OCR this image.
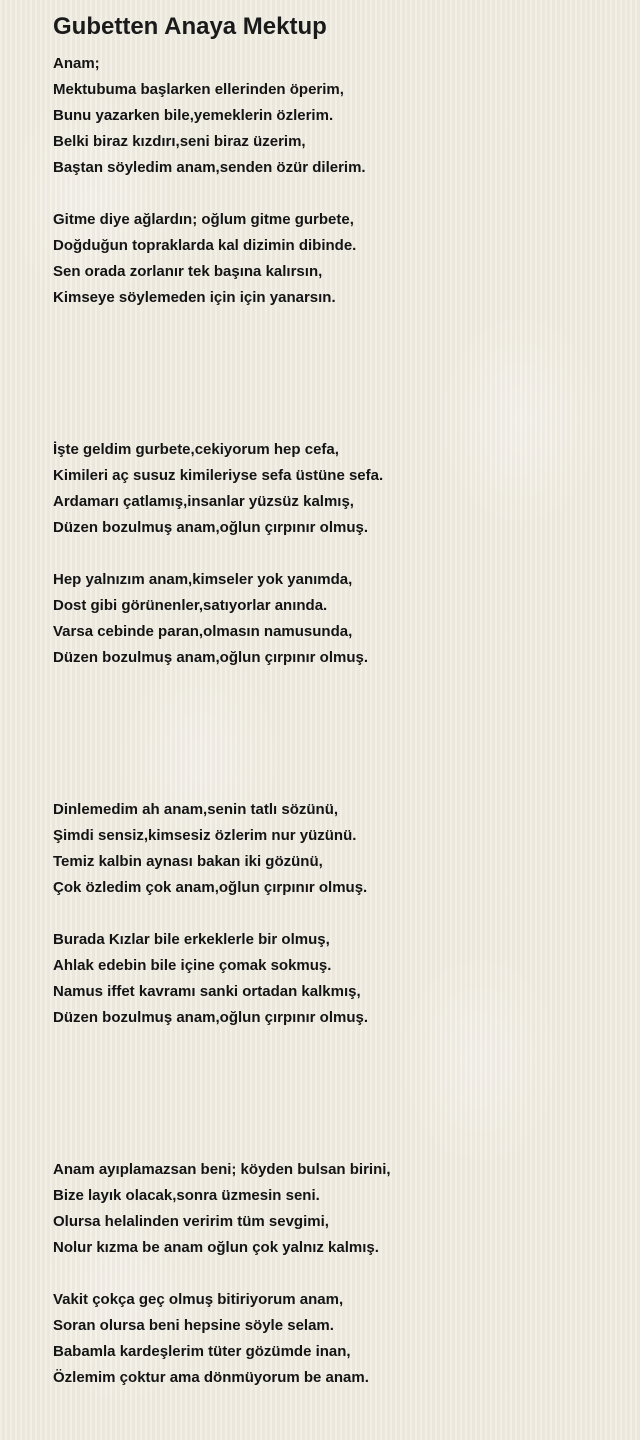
Gubetten Anaya Mektup
Anam;
Mektubuma başlarken ellerinden öperim,
Bunu yazarken bile,yemeklerin özlerim.
Belki biraz kızdırı,seni biraz üzerim,
Baştan söyledim anam,senden özür dilerim.
Gitme diye ağlardın; oğlum gitme gurbete,
Doğduğun topraklarda kal dizimin dibinde.
Sen orada zorlanır tek başına kalırsın,
Kimseye söylemeden için için yanarsın.
İşte geldim gurbete,cekiyorum hep cefa,
Kimileri aç susuz kimileriyse sefa üstüne sefa.
Ardamarı çatlamış,insanlar yüzsüz kalmış,
Düzen bozulmuş anam,oğlun çırpınır olmuş.
Hep yalnızım anam,kimseler yok yanımda,
Dost gibi görünenler,satıyorlar anında.
Varsa cebinde paran,olmasın namusunda,
Düzen bozulmuş anam,oğlun çırpınır olmuş.
Dinlemedim ah anam,senin tatlı sözünü,
Şimdi sensiz,kimsesiz özlerim nur yüzünü.
Temiz kalbin aynası bakan iki gözünü,
Çok özledim çok anam,oğlun çırpınır olmuş.
Burada Kızlar bile erkeklerle bir olmuş,
Ahlak edebin bile içine çomak sokmuş.
Namus iffet kavramı sanki ortadan kalkmış,
Düzen bozulmuş anam,oğlun çırpınır olmuş.
Anam ayıplamazsan beni; köyden bulsan birini,
Bize layık olacak,sonra üzmesin seni.
Olursa helalinden veririm tüm sevgimi,
Nolur kızma be anam oğlun çok yalnız kalmış.
Vakit çokça geç olmuş bitiriyorum anam,
Soran olursa beni hepsine söyle selam.
Babamla kardeşlerim tüter gözümde inan,
Özlemim çoktur ama dönmüyorum be anam.
